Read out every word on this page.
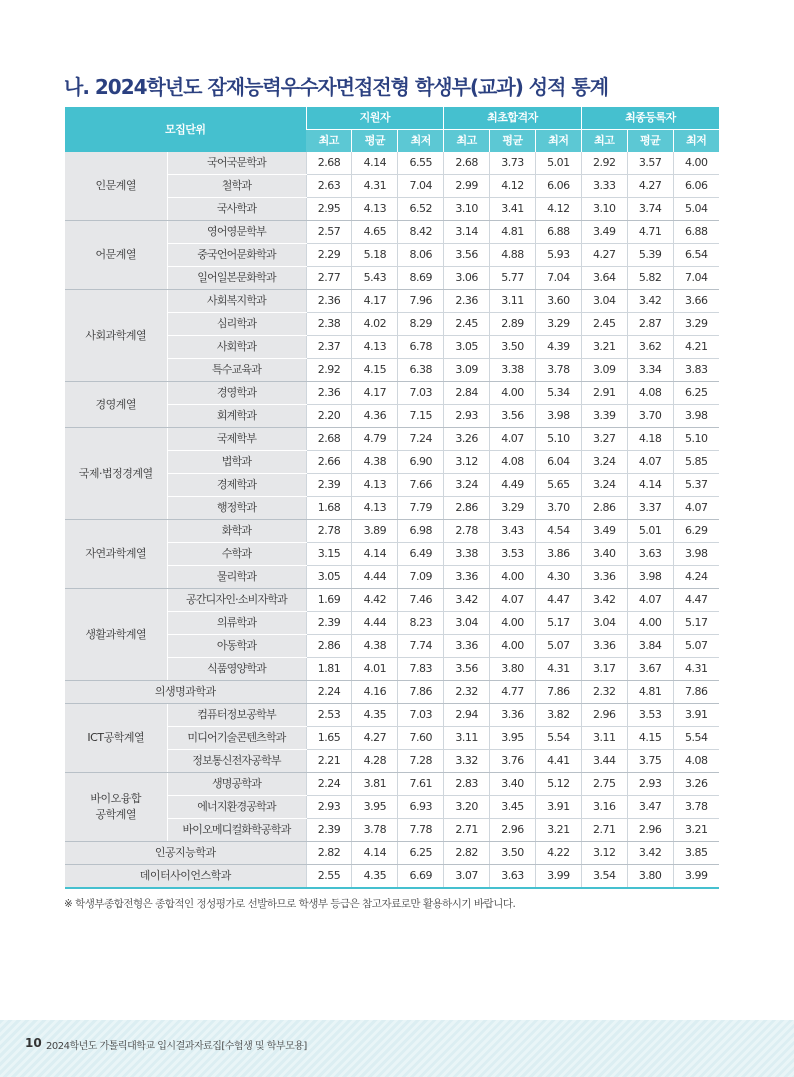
나. 2024학년도 잠재능력우수자면접전형 학생부(교과) 성적 통계
모집단위		지원자			최초합격자			최종등록자		
		최고	평균	최저	최고	평균	최저	최고	평균	최저
인문계열	국어국문학과	2.68	4.14	6.55	2.68	3.73	5.01	2.92	3.57	4.00
	철학과	2.63	4.31	7.04	2.99	4.12	6.06	3.33	4.27	6.06
	국사학과	2.95	4.13	6.52	3.10	3.41	4.12	3.10	3.74	5.04
어문계열	영어영문학부	2.57	4.65	8.42	3.14	4.81	6.88	3.49	4.71	6.88
	중국언어문화학과	2.29	5.18	8.06	3.56	4.88	5.93	4.27	5.39	6.54
	일어일본문화학과	2.77	5.43	8.69	3.06	5.77	7.04	3.64	5.82	7.04
사회과학계열	사회복지학과	2.36	4.17	7.96	2.36	3.11	3.60	3.04	3.42	3.66
	심리학과	2.38	4.02	8.29	2.45	2.89	3.29	2.45	2.87	3.29
	사회학과	2.37	4.13	6.78	3.05	3.50	4.39	3.21	3.62	4.21
	특수교육과	2.92	4.15	6.38	3.09	3.38	3.78	3.09	3.34	3.83
경영계열	경영학과	2.36	4.17	7.03	2.84	4.00	5.34	2.91	4.08	6.25
	회계학과	2.20	4.36	7.15	2.93	3.56	3.98	3.39	3.70	3.98
국제·법정경계열	국제학부	2.68	4.79	7.24	3.26	4.07	5.10	3.27	4.18	5.10
	법학과	2.66	4.38	6.90	3.12	4.08	6.04	3.24	4.07	5.85
	경제학과	2.39	4.13	7.66	3.24	4.49	5.65	3.24	4.14	5.37
	행정학과	1.68	4.13	7.79	2.86	3.29	3.70	2.86	3.37	4.07
자연과학계열	화학과	2.78	3.89	6.98	2.78	3.43	4.54	3.49	5.01	6.29
	수학과	3.15	4.14	6.49	3.38	3.53	3.86	3.40	3.63	3.98
	물리학과	3.05	4.44	7.09	3.36	4.00	4.30	3.36	3.98	4.24
생활과학계열	공간디자인·소비자학과	1.69	4.42	7.46	3.42	4.07	4.47	3.42	4.07	4.47
	의류학과	2.39	4.44	8.23	3.04	4.00	5.17	3.04	4.00	5.17
	아동학과	2.86	4.38	7.74	3.36	4.00	5.07	3.36	3.84	5.07
	식품영양학과	1.81	4.01	7.83	3.56	3.80	4.31	3.17	3.67	4.31
의생명과학과		2.24	4.16	7.86	2.32	4.77	7.86	2.32	4.81	7.86
ICT공학계열	컴퓨터정보공학부	2.53	4.35	7.03	2.94	3.36	3.82	2.96	3.53	3.91
	미디어기술콘텐츠학과	1.65	4.27	7.60	3.11	3.95	5.54	3.11	4.15	5.54
	정보통신전자공학부	2.21	4.28	7.28	3.32	3.76	4.41	3.44	3.75	4.08
바이오융합
공학계열	생명공학과	2.24	3.81	7.61	2.83	3.40	5.12	2.75	2.93	3.26
	에너지환경공학과	2.93	3.95	6.93	3.20	3.45	3.91	3.16	3.47	3.78
	바이오메디컬화학공학과	2.39	3.78	7.78	2.71	2.96	3.21	2.71	2.96	3.21
인공지능학과		2.82	4.14	6.25	2.82	3.50	4.22	3.12	3.42	3.85
데이터사이언스학과		2.55	4.35	6.69	3.07	3.63	3.99	3.54	3.80	3.99
※ 학생부종합전형은 종합적인 정성평가로 선발하므로 학생부 등급은 참고자료로만 활용하시기 바랍니다.
10 2024학년도 가톨릭대학교 입시결과자료집[수험생 및 학부모용]
